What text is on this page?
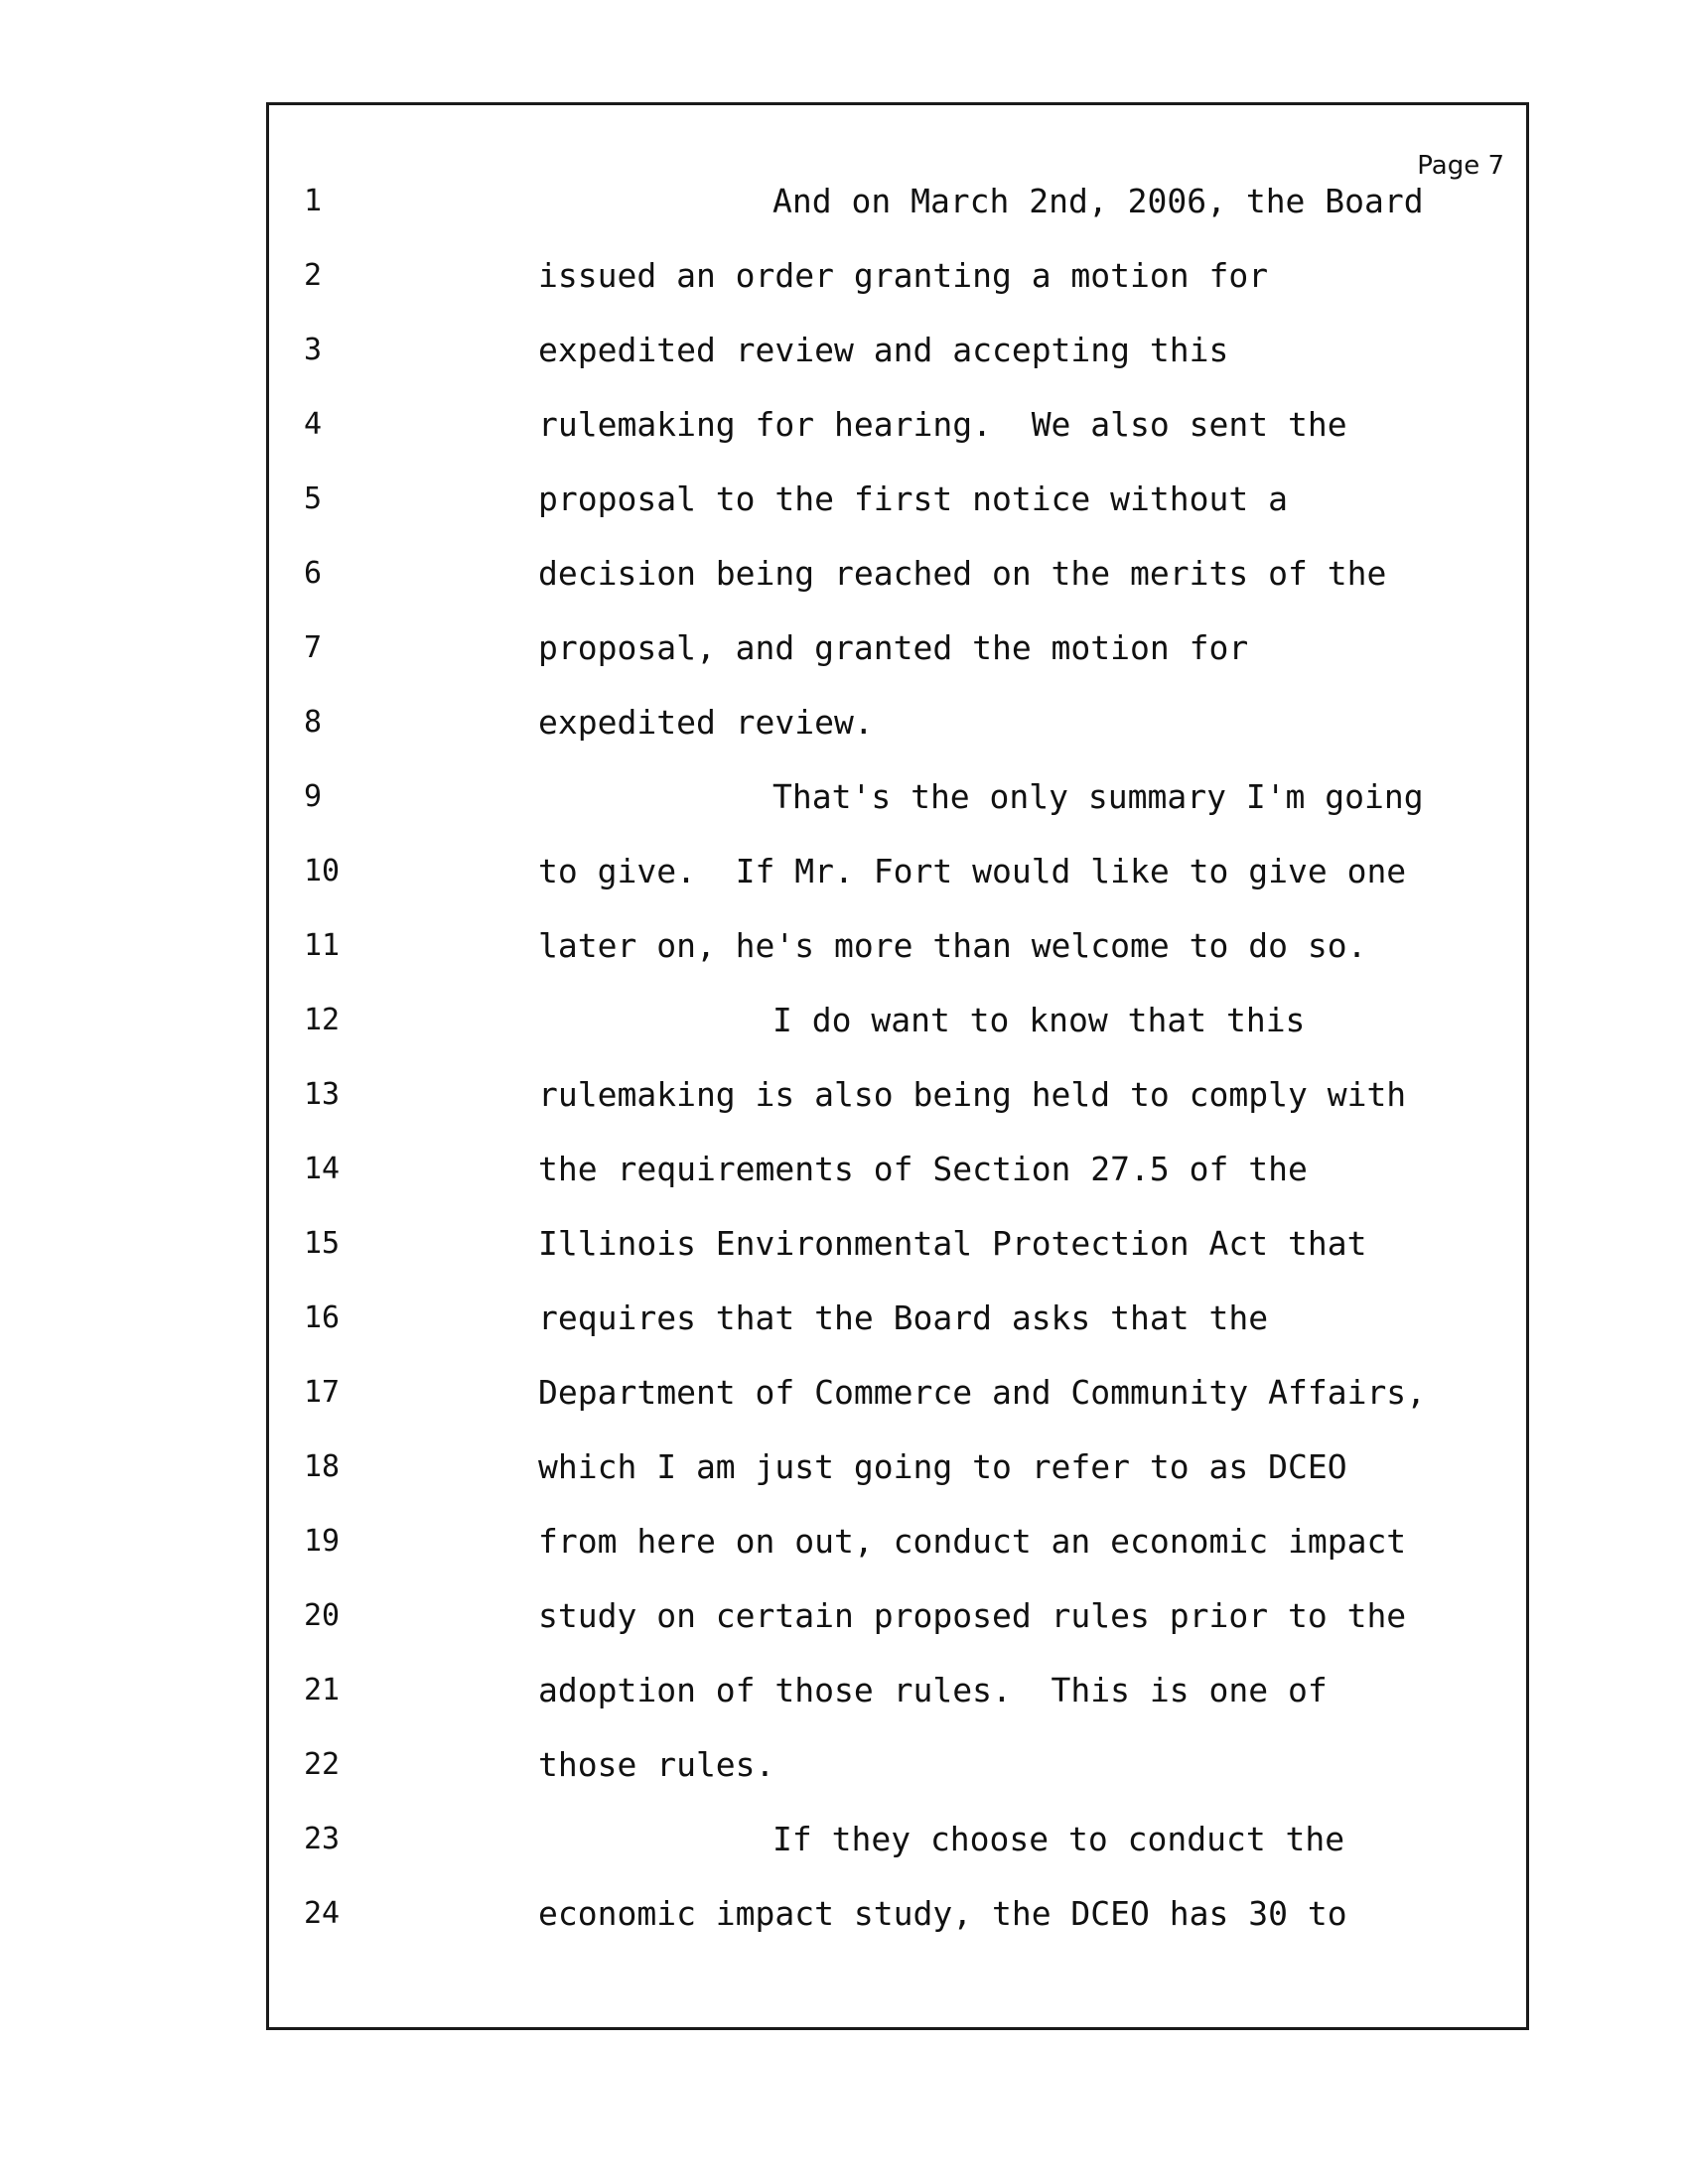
Page 7
1	And on March 2nd, 2006, the Board
2	issued an order granting a motion for
3	expedited review and accepting this
4	rulemaking for hearing.  We also sent the
5	proposal to the first notice without a
6	decision being reached on the merits of the
7	proposal, and granted the motion for
8	expedited review.
9	That's the only summary I'm going
10	to give.  If Mr. Fort would like to give one
11	later on, he's more than welcome to do so.
12	I do want to know that this
13	rulemaking is also being held to comply with
14	the requirements of Section 27.5 of the
15	Illinois Environmental Protection Act that
16	requires that the Board asks that the
17	Department of Commerce and Community Affairs,
18	which I am just going to refer to as DCEO
19	from here on out, conduct an economic impact
20	study on certain proposed rules prior to the
21	adoption of those rules.  This is one of
22	those rules.
23	If they choose to conduct the
24	economic impact study, the DCEO has 30 to
